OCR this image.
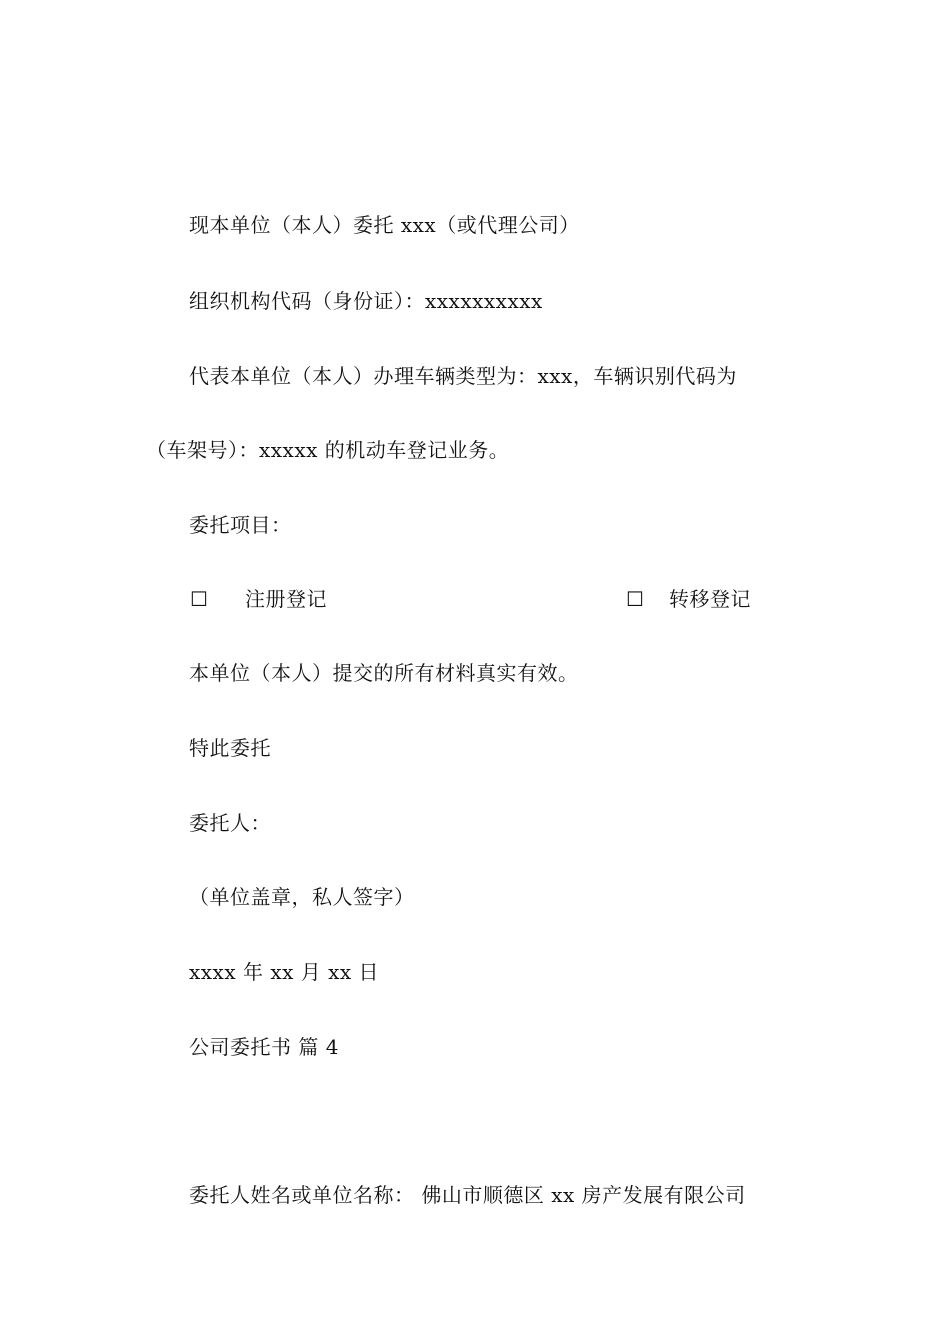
现本单位（本人）委托 xxx（或代理公司）
组织机构代码（身份证）：xxxxxxxxxx
代表本单位（本人）办理车辆类型为：xxx，车辆识别代码为
（车架号）：xxxxx 的机动车登记业务。
委托项目：
☐ 注册登记	☐ 转移登记
本单位（本人）提交的所有材料真实有效。
特此委托
委托人：
（单位盖章，私人签字）
xxxx 年 xx 月 xx 日
公司委托书 篇 4
委托人姓名或单位名称： 佛山市顺德区 xx 房产发展有限公司
